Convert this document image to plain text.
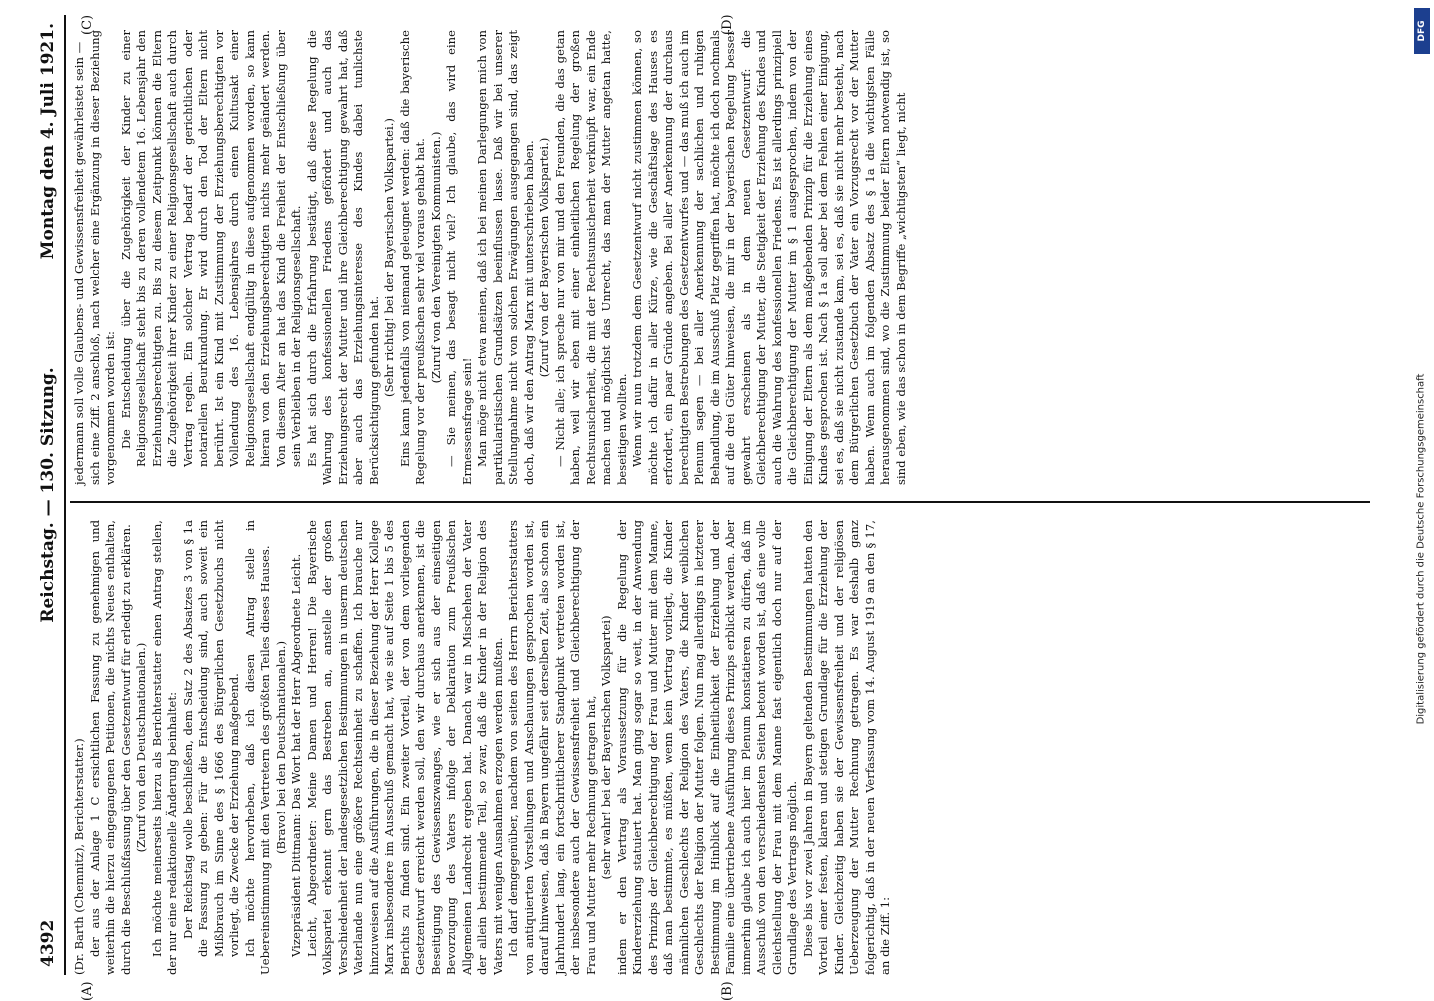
4392
Reichstag. — 130. Sitzung.
Montag den 4. Juli 1921.

(Dr. Barth (Chemnitz), Berichterstatter.) der aus der Anlage 1 C ersichtlichen Fassung zu genehmigen und weiterhin die hierzu eingegangenen Petitionen, die nichts Neues enthalten, durch die Beschlußfassung über den Gesetzentwurf für erledigt zu erklären. (Zuruf von den Deutschnationalen.) Ich möchte meinerseits hierzu als Berichterstatter einen Antrag stellen, der nur eine redaktionelle Änderung beinhaltet: Der Reichstag wolle beschließen, dem Satz 2 des Absatzes 3 von § 1a die Fassung zu geben: Für die Entscheidung sind, auch soweit ein Mißbrauch im Sinne des § 1666 des Bürgerlichen Gesetzbuchs nicht vorliegt, die Zwecke der Erziehung maßgebend. Ich möchte hervorheben, daß ich diesen Antrag stelle in Uebereinstimmung mit den Vertretern des größten Teiles dieses Hauses. (Bravo! bei den Deutschnationalen.) Vizepräsident Dittmann: Das Wort hat der Herr Abgeordnete Leicht. Leicht, Abgeordneter: Meine Damen und Herren! Die Bayerische Volkspartei erkennt gern das Bestreben an, anstelle der großen Verschiedenheit der landesgesetzlichen Bestimmungen in unserm deutschen Vaterlande nun eine größere Rechtseinheit zu schaffen. Ich brauche nur hinzuweisen auf die Ausführungen, die in dieser Beziehung der Herr Kollege Marx insbesondere im Ausschuß gemacht hat, wie sie auf Seite 1 bis 5 des Berichts zu finden sind. Ein zweiter Vorteil, der von dem vorliegenden Gesetzentwurf erreicht werden soll, den wir durchaus anerkennen, ist die Beseitigung des Gewissenszwanges, wie er sich aus der einseitigen Bevorzugung des Vaters infolge der Deklaration zum Preußischen Allgemeinen Landrecht ergeben hat. Danach war in Mischehen der Vater der allein bestimmende Teil, so zwar, daß die Kinder in der Religion des Vaters mit wenigen Ausnahmen erzogen werden mußten. Ich darf demgegenüber, nachdem von seiten des Herrn Berichterstatters von antiquierten Vorstellungen und Anschauungen gesprochen worden ist, darauf hinweisen, daß in Bayern ungefähr seit derselben Zeit, also schon ein Jahrhundert lang, ein fortschrittlicherer Standpunkt vertreten worden ist, der insbesondere auch der Gewissensfreiheit und Gleichberechtigung der Frau und Mutter mehr Rechnung getragen hat, (sehr wahr! bei der Bayerischen Volkspartei) indem er den Vertrag als Voraussetzung für die Regelung der Kindererziehung statuiert hat. Man ging sogar so weit, in der Anwendung des Prinzips der Gleichberechtigung der Frau und Mutter mit dem Manne, daß man bestimmte, es müßten, wenn kein Vertrag vorliegt, die Kinder männlichen Geschlechts der Religion des Vaters, die Kinder weiblichen Geschlechts der Religion der Mutter folgen. Nun mag allerdings in letzterer Bestimmung im Hinblick auf die Einheitlichkeit der Erziehung und der Familie eine übertriebene Ausführung dieses Prinzips erblickt werden. Aber immerhin glaube ich auch hier im Plenum konstatieren zu dürfen, daß im Ausschuß von den verschiedensten Seiten betont worden ist, daß eine volle Gleichstellung der Frau mit dem Manne fast eigentlich doch nur auf der Grundlage des Vertrags möglich. Diese bis vor zwei Jahren in Bayern geltenden Bestimmungen hatten den Vorteil einer festen, klaren und stetigen Grundlage für die Erziehung der Kinder. Gleichzeitig haben sie der Gewissensfreiheit und der religiösen Ueberzeugung der Mutter Rechnung getragen. Es war deshalb ganz folgerichtig, daß in der neuen Verfassung vom 14. August 1919 an den § 17, an die Ziff. 1:

jedermann soll volle Glaubens- und Gewissensfreiheit gewährleistet sein — sich eine Ziff. 2 anschloß, nach welcher eine Ergänzung in dieser Beziehung vorgenommen worden ist: Die Entscheidung über die Zugehörigkeit der Kinder zu einer Religionsgesellschaft steht bis zu deren vollendetem 16. Lebensjahr den Erziehungsberechtigten zu. Bis zu diesem Zeitpunkt können die Eltern die Zugehörigkeit ihrer Kinder zu einer Religionsgesellschaft auch durch Vertrag regeln. Ein solcher Vertrag bedarf der gerichtlichen oder notariellen Beurkundung. Er wird durch den Tod der Eltern nicht berührt. Ist ein Kind mit Zustimmung der Erziehungsberechtigten vor Vollendung des 16. Lebensjahres durch einen Kultusakt einer Religionsgesellschaft endgültig in diese aufgenommen worden, so kann hieran von den Erziehungsberechtigten nichts mehr geändert werden. Von diesem Alter an hat das Kind die Freiheit der Entschließung über sein Verbleiben in der Religionsgesellschaft. Es hat sich durch die Erfahrung bestätigt, daß diese Regelung die Wahrung des konfessionellen Friedens gefördert und auch das Erziehungsrecht der Mutter und ihre Gleichberechtigung gewahrt hat, daß aber auch das Erziehungsinteresse des Kindes dabei tunlichste Berücksichtigung gefunden hat. (Sehr richtig! bei der Bayerischen Volkspartei.) Eins kann jedenfalls von niemand geleugnet werden: daß die bayerische Regelung vor der preußischen sehr viel voraus gehabt hat. (Zuruf von den Vereinigten Kommunisten.) — Sie meinen, das besagt nicht viel? Ich glaube, das wird eine Ermessensfrage sein! Man möge nicht etwa meinen, daß ich bei meinen Darlegungen mich von partikularistischen Grundsätzen beeinflussen lasse. Daß wir bei unserer Stellungnahme nicht von solchen Erwägungen ausgegangen sind, das zeigt doch, daß wir den Antrag Marx mit unterschrieben haben. (Zuruf von der Bayerischen Volkspartei.) — Nicht alle; ich spreche nur von mir und den Freunden, die das getan haben, weil wir eben mit einer einheitlichen Regelung der großen Rechtsunsicherheit, die mit der Rechtsunsicherheit verknüpft war, ein Ende machen und möglichst das Unrecht, das man der Mutter angetan hatte, beseitigen wollten. Wenn wir nun trotzdem dem Gesetzentwurf nicht zustimmen können, so möchte ich dafür in aller Kürze, wie die Geschäftslage des Hauses es erfordert, ein paar Gründe angeben. Bei aller Anerkennung der durchaus berechtigten Bestrebungen des Gesetzentwurfes und — das muß ich auch im Plenum sagen — bei aller Anerkennung der sachlichen und ruhigen Behandlung, die im Ausschuß Platz gegriffen hat, möchte ich doch nochmals auf die drei Güter hinweisen, die mir in der bayerischen Regelung besser gewahrt erscheinen als in dem neuen Gesetzentwurf: die Gleichberechtigung der Mutter, die Stetigkeit der Erziehung des Kindes und auch die Wahrung des konfessionellen Friedens. Es ist allerdings prinzipiell die Gleichberechtigung der Mutter im § 1 ausgesprochen, indem von der Einigung der Eltern als dem maßgebenden Prinzip für die Erziehung eines Kindes gesprochen ist. Nach § 1a soll aber bei dem Fehlen einer Einigung, sei es, daß sie nicht zustande kam, sei es, daß sie nicht mehr besteht, nach dem Bürgerlichen Gesetzbuch der Vater ein Vorzugsrecht vor der Mutter haben. Wenn auch im folgenden Absatz des § 1a die wichtigsten Fälle herausgenommen sind, wo die Zustimmung beider Eltern notwendig ist, so sind eben, wie das schon in dem Begriffe „wichtigsten“ liegt, nicht

(A)	(B)
(C)	(D)	DFG
Digitalisierung gefördert durch die Deutsche Forschungsgemeinschaft
